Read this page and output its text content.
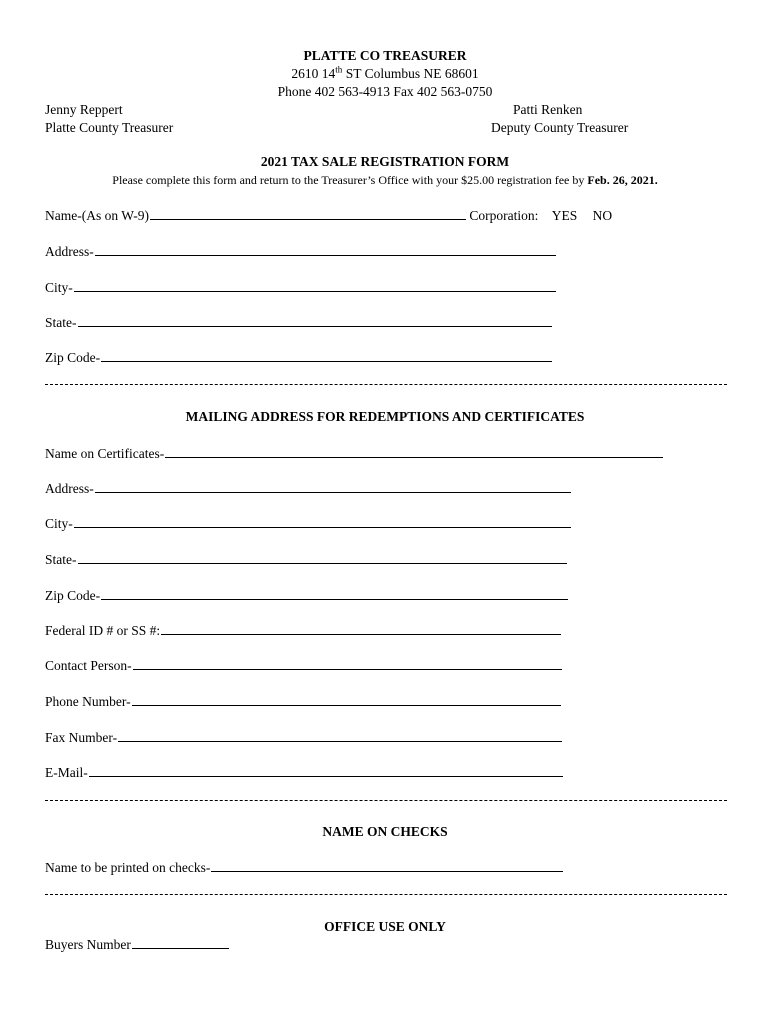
PLATTE CO TREASURER
2610 14th ST Columbus NE 68601
Phone 402 563-4913 Fax 402 563-0750
Jenny Reppert
Platte County Treasurer
Patti Renken
Deputy County Treasurer
2021 TAX SALE REGISTRATION FORM
Please complete this form and return to the Treasurer’s Office with your $25.00 registration fee by Feb. 26, 2021.
Name-(As on W-9)	Corporation: YES NO
Address-
City-
State-
Zip Code-
MAILING ADDRESS FOR REDEMPTIONS AND CERTIFICATES
Name on Certificates-
Address-
City-
State-
Zip Code-
Federal ID # or SS #:
Contact Person-
Phone Number-
Fax Number-
E-Mail-
NAME ON CHECKS
Name to be printed on checks-
OFFICE USE ONLY
Buyers Number
